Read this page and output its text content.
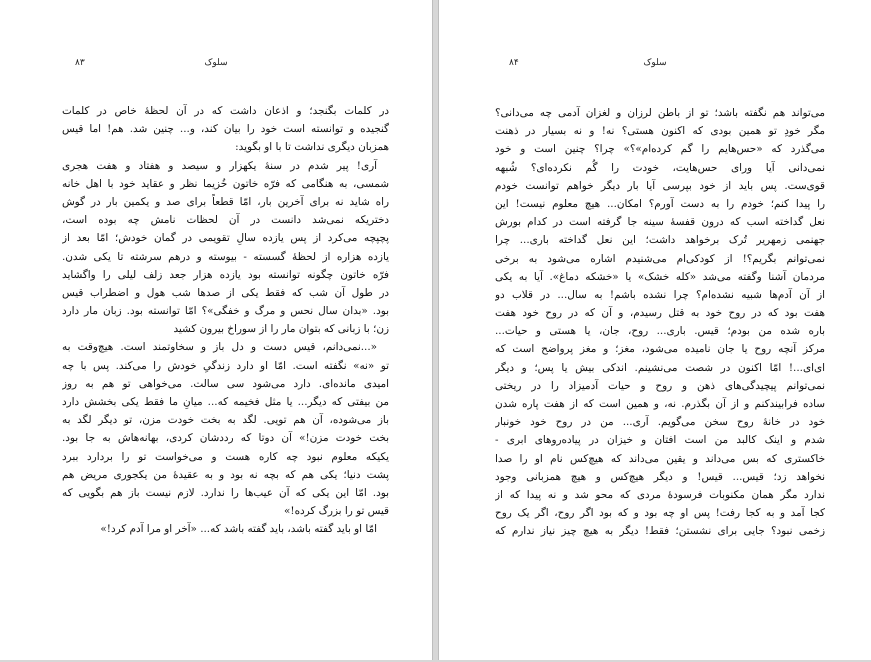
۸۳	سلوک	۸۴	سلوک
در کلمات بگنجد؛ و اذعان داشت که در آن لحظهٔ خاص در کلمات
گنجیده و توانسته است خود را بیان کند، و... چنین شد. هم! اما قیس
همزبان دیگری نداشت تا با او بگوید:
آری! پیر شدم در سنهٔ یکهزار و سیصد و هفتاد و هفت هجری
شمسی، به هنگامی که فرّه خاتون خُزیما نظر و عقاید خود با اهل خانه
راه شاید نه برای آخرین بار، امّا قطعاً برای صد و یکمین بار در گوش
دختریکه نمی‌شد دانست در آن لحظات نامش چه بوده است،
پچپچه می‌کرد از پس یازده سالِ تقویمی در گمان خودش؛ امّا بعد از
یازده هزاره از لحظهٔ گسسته - بیوسته و درهم سرشته تا یکی شدن.
فرّه خاتون چگونه توانسته بود یازده هزار جعد زلف لیلی را واگشاید
در طول آن شب که فقط یکی از صدها شب هول و اضطراب قیس
بود. «بدان سال نحس و مرگ و خفگی»؟ امّا توانسته بود. زبان مار دارد
زن؛ با زبانی که بتوان مار را از سوراخ بیرون کشید
«...نمی‌دانم، قیس دست و دل باز و سخاوتمند است. هیچ‌وقت به
تو «نه» نگفته است. امّا او دارد زندگیِ خودش را می‌کند. پس با چه
امیدی مانده‌ای. دارد می‌شود سی سالت. می‌خواهی تو هم به روز
من بیفتی که دیگر... یا مثل فخیمه که... میانِ ما فقط یکی بخشش دارد
باز می‌شوده، آن هم تویی. لگد به بخت خودت مزن، تو دیگر لگد به
بخت خودت مزن!» آن دوتا که رددشان کردی، بهانه‌هاش به جا بود.
یکیکه معلوم نبود چه کاره هست و می‌خواست تو را بردارد ببرد
پشت دنیا؛ یکی هم که بچه نه بود و به عقیدهٔ من یکجوری مریض هم
بود. امّا این یکی که آن عیب‌ها را ندارد. لازم نیست باز هم بگویی که
قیس تو را بزرگ کرده!»
امّا او باید گفته باشد، باید گفته باشد که... «آخر او مرا آدم کرد!»
می‌تواند هم نگفته باشد؛ تو از باطن لرزان و لغزان آدمی چه می‌دانی؟
مگر خودِ تو همین بودی که اکنون هستی؟ نه! و نه بسیار در ذهنت
می‌گذرد که «حس‌هایم را گم کرده‌ام»؟» چرا؟ چنین است و خود
نمی‌دانی آیا ورای حس‌هایت، خودت را گُم نکرده‌ای؟ شُبهه
قوی‌ست. پس باید از خود بپرسی آیا بار دیگر خواهم توانست خودم
را پیدا کنم؛ خودم را به دست آورم؟ امکان... هیچ معلوم نیست! این
نعل گداخته اسب که درون قفسهٔ سینه جا گرفته است در کدام بورش
جهنمی زمهریر تُرک برخواهد داشت؛ این نعل گداخته باری... چرا
نمی‌توانم بگریم؟! از کودکی‌ام می‌شنیدم اشاره می‌شود به برخی
مردمان آشنا وگفته می‌شد «کله خشک» یا «خشکه دماغ». آیا به یکی
از آن آدم‌ها شبیه نشده‌ام؟ چرا نشده باشم! به سال... در قلاب دو
هفت بود که در روح خود به قتل رسیدم، و آن که در روح خود هفت
باره شده من بودم؛ قیس. باری... روح، جان، یا هستی و حیات...
مرکز آنچه روح یا جان نامیده می‌شود، مغز؛ و مغز پرواضح است که
ای‌ای...! امّا اکنون در شصت می‌نشینم. اندکی بیش یا پس؛ و دیگر
نمی‌توانم پیچیدگی‌های ذهن و روح و حیات آدمیزاد را در ریختی
ساده فرابیندکنم و از آن بگذرم. نه، و همین است که از هفت پاره شدن
خود در خانهٔ روح سخن می‌گویم. آری... من در روح خود خونبار
شدم و اینک کالبد من است افتان و خیزان در پیاده‌روهای ابری -
خاکستری که بس می‌داند و یقین می‌داند که هیچ‌کس نام او را صدا
نخواهد زد؛ قیس... قیس! و دیگر هیچ‌کس و هیچ همزبانی وجود
ندارد مگر همان مکنوبات فرسودهٔ مردی که محو شد و نه پیدا که از
کجا آمد و به کجا رفت! پس او چه بود و که بود اگر روح، اگر یک روح
زخمی نبود؟ جایی برای نشستن؛ فقط! دیگر به هیچ چیز نیاز ندارم که
